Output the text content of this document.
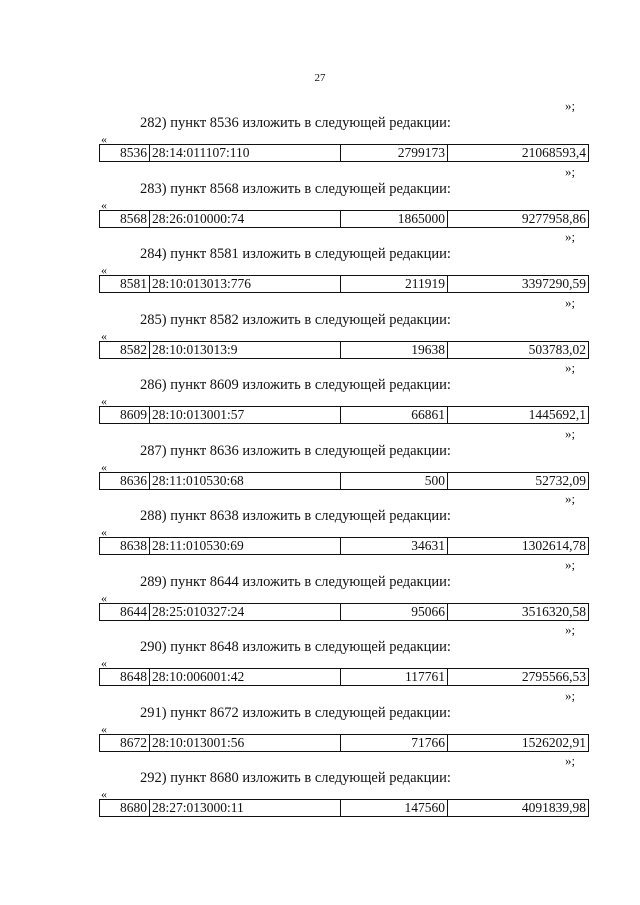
27
»;
282) пункт 8536 изложить в следующей редакции:
«
8536	28:14:011107:110	2799173	21068593,4
»;
283) пункт 8568 изложить в следующей редакции:
«
8568	28:26:010000:74	1865000	9277958,86
»;
284) пункт 8581 изложить в следующей редакции:
«
8581	28:10:013013:776	211919	3397290,59
»;
285) пункт 8582 изложить в следующей редакции:
«
8582	28:10:013013:9	19638	503783,02
»;
286) пункт 8609 изложить в следующей редакции:
«
8609	28:10:013001:57	66861	1445692,1
»;
287) пункт 8636 изложить в следующей редакции:
«
8636	28:11:010530:68	500	52732,09
»;
288) пункт 8638 изложить в следующей редакции:
«
8638	28:11:010530:69	34631	1302614,78
»;
289) пункт 8644 изложить в следующей редакции:
«
8644	28:25:010327:24	95066	3516320,58
»;
290) пункт 8648 изложить в следующей редакции:
«
8648	28:10:006001:42	117761	2795566,53
»;
291) пункт 8672 изложить в следующей редакции:
«
8672	28:10:013001:56	71766	1526202,91
»;
292) пункт 8680 изложить в следующей редакции:
«
8680	28:27:013000:11	147560	4091839,98
